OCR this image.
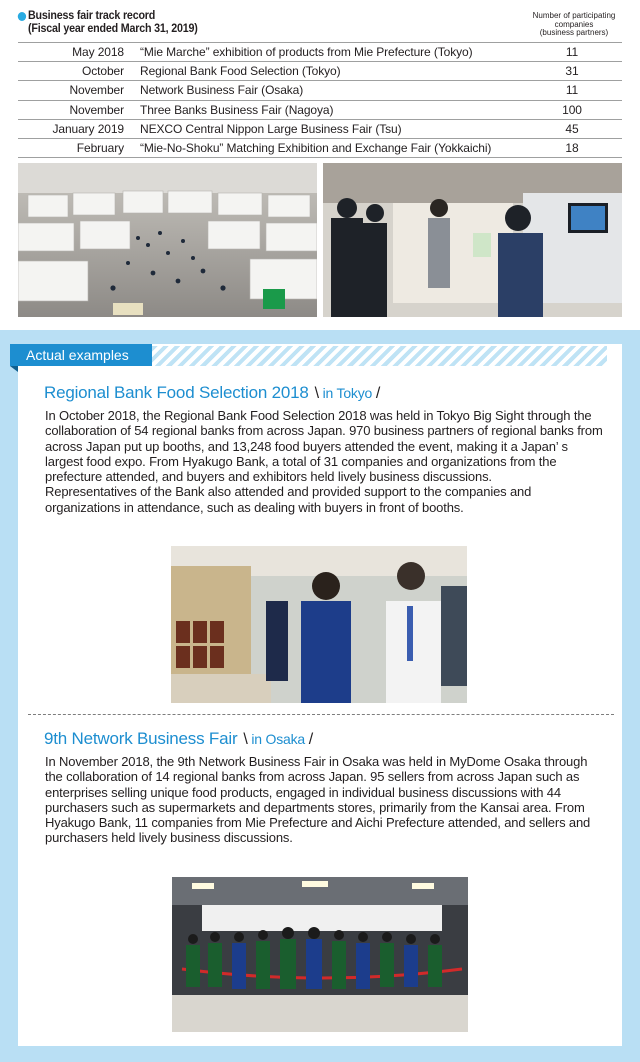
Business fair track record
(Fiscal year ended March 31, 2019)
Number of participating
companies
(business partners)
May 2018	“Mie Marche” exhibition of products from Mie Prefecture (Tokyo)	11
October	Regional Bank Food Selection (Tokyo)	31
November	Network Business Fair (Osaka)	11
November	Three Banks Business Fair (Nagoya)	100
January 2019	NEXCO Central Nippon Large Business Fair (Tsu)	45
February	“Mie-No-Shoku” Matching Exhibition and Exchange Fair (Yokkaichi)	18
Actual examples
Regional Bank Food Selection 2018 \ in Tokyo /

In October 2018, the Regional Bank Food Selection 2018 was held in Tokyo Big Sight through the collaboration of 54 regional banks from across Japan. 970 business partners of regional banks from across Japan put up booths, and 13,248 food buyers attended the event, making it a Japan’ s largest food expo. From Hyakugo Bank, a total of 31 companies and organizations from the prefecture attended, and buyers and exhibitors held lively business discussions.

Representatives of the Bank also attended and provided support to the companies and organizations in attendance, such as dealing with buyers in front of booths.

9th Network Business Fair \ in Osaka /

In November 2018, the 9th Network Business Fair in Osaka was held in MyDome Osaka through the collaboration of 14 regional banks from across Japan. 95 sellers from across Japan such as enterprises selling unique food products, engaged in individual business discussions with 44 purchasers such as supermarkets and departments stores, primarily from the Kansai area. From Hyakugo Bank, 11 companies from Mie Prefecture and Aichi Prefecture attended, and sellers and purchasers held lively business discussions.
